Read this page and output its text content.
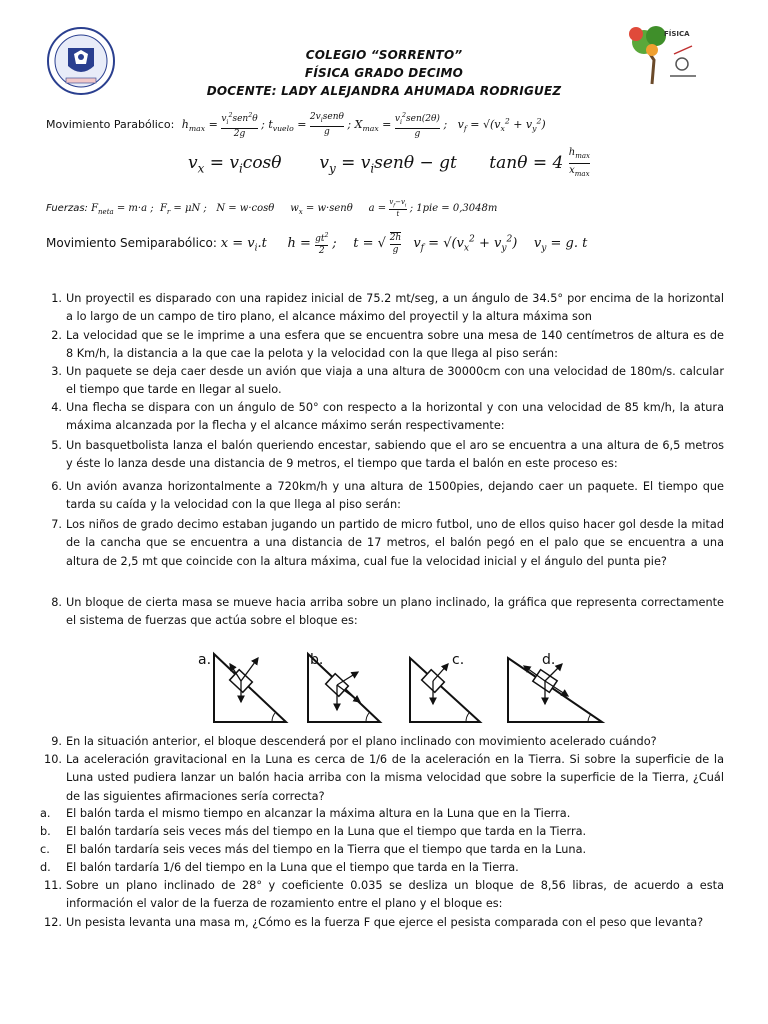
FÍSICA
COLEGIO “SORRENTO”
FÍSICA GRADO DECIMO
DOCENTE: LADY ALEJANDRA AHUMADA RODRIGUEZ
Movimiento Parabólico: $h_{max} = v_i^2sen^2\theta$
2g
; $t_{vuelo}$ =
$2v_isen\theta$
g
; $X_{max} = v_i^2sen(2\theta)$
g
;   $v_f = √(v_x^2 + v_y^2)$
$v_x = v_i\cos\theta$       $v_y = v_isen\theta$ − gt      tanθ = 4
$h_{max}$
$x_{max}$
Fuerzas: $F_{neta} = m\cdot a$ ;  $F_r = \mu N$ ;   N = w·cosθ     $w_x = w\cdot sen\theta$     $a = \frac{v_f-v_i}{t}$ ; 1pie = 0,3048m
Movimiento Semiparabólico: $x = v_i.t$     $h = \frac{gt^2}{2}$ ;    t = √ $\frac{2h}{g} v_f = √(v_x^2 + v_y^2)$    $v_y = g$. t
1. Un proyectil es disparado con una rapidez inicial de 75.2 mt/seg, a un ángulo de 34.5° por encima de la horizontal a lo largo de un campo de tiro plano, el alcance máximo del proyectil y la altura máxima son
2. La velocidad que se le imprime a una esfera que se encuentra sobre una mesa de 140 centímetros de altura es de 8 Km/h, la distancia a la que cae la pelota y la velocidad con la que llega al piso serán:
3. Un paquete se deja caer desde un avión que viaja a una altura de 30000cm con una velocidad de 180m/s. calcular el tiempo que tarde en llegar al suelo.
4. Una flecha se dispara con un ángulo de 50° con respecto a la horizontal y con una velocidad de 85 km/h, la atura máxima alcanzada por la flecha y el alcance máximo serán respectivamente:
5. Un basquetbolista lanza el balón queriendo encestar, sabiendo que el aro se encuentra a una altura de 6,5 metros y éste lo lanza desde una distancia de 9 metros, el tiempo que tarda el balón en este proceso es:
6. Un avión avanza horizontalmente a 720km/h y una altura de 1500pies, dejando caer un paquete. El tiempo que tarda su caída y la velocidad con la que llega al piso serán:
7. Los niños de grado decimo estaban jugando un partido de micro futbol, uno de ellos quiso hacer gol desde la mitad de la cancha que se encuentra a una distancia de 17 metros, el balón pegó en el palo que se encuentra a una altura de 2,5 mt que coincide con la altura máxima, cual fue la velocidad inicial y el ángulo del punta pie?
8. Un bloque de cierta masa se mueve hacia arriba sobre un plano inclinado, la gráfica que representa correctamente el sistema de fuerzas que actúa sobre el bloque es:
a.	b.	c.	d.
9. En la situación anterior, el bloque descenderá por el plano inclinado con movimiento acelerado cuándo?
10. La aceleración gravitacional en la Luna es cerca de 1/6 de la aceleración en la Tierra. Si sobre la superficie de la Luna usted pudiera lanzar un balón hacia arriba con la misma velocidad que sobre la superficie de la Tierra, ¿Cuál de las siguientes afirmaciones sería correcta?
a.	El balón tarda el mismo tiempo en alcanzar la máxima altura en la Luna que en la Tierra.
b.	El balón tardaría seis veces más del tiempo en la Luna que el tiempo que tarda en la Tierra.
c.	El balón tardaría seis veces más del tiempo en la Tierra que el tiempo que tarda en la Luna.
d.	El balón tardaría 1/6 del tiempo en la Luna que el tiempo que tarda en la Tierra.
11. Sobre un plano inclinado de 28° y coeficiente 0.035 se desliza un bloque de 8,56 libras, de acuerdo a esta información el valor de la fuerza de rozamiento entre el plano y el bloque es:
12. Un pesista levanta una masa m, ¿Cómo es la fuerza F que ejerce el pesista comparada con el peso que levanta?
